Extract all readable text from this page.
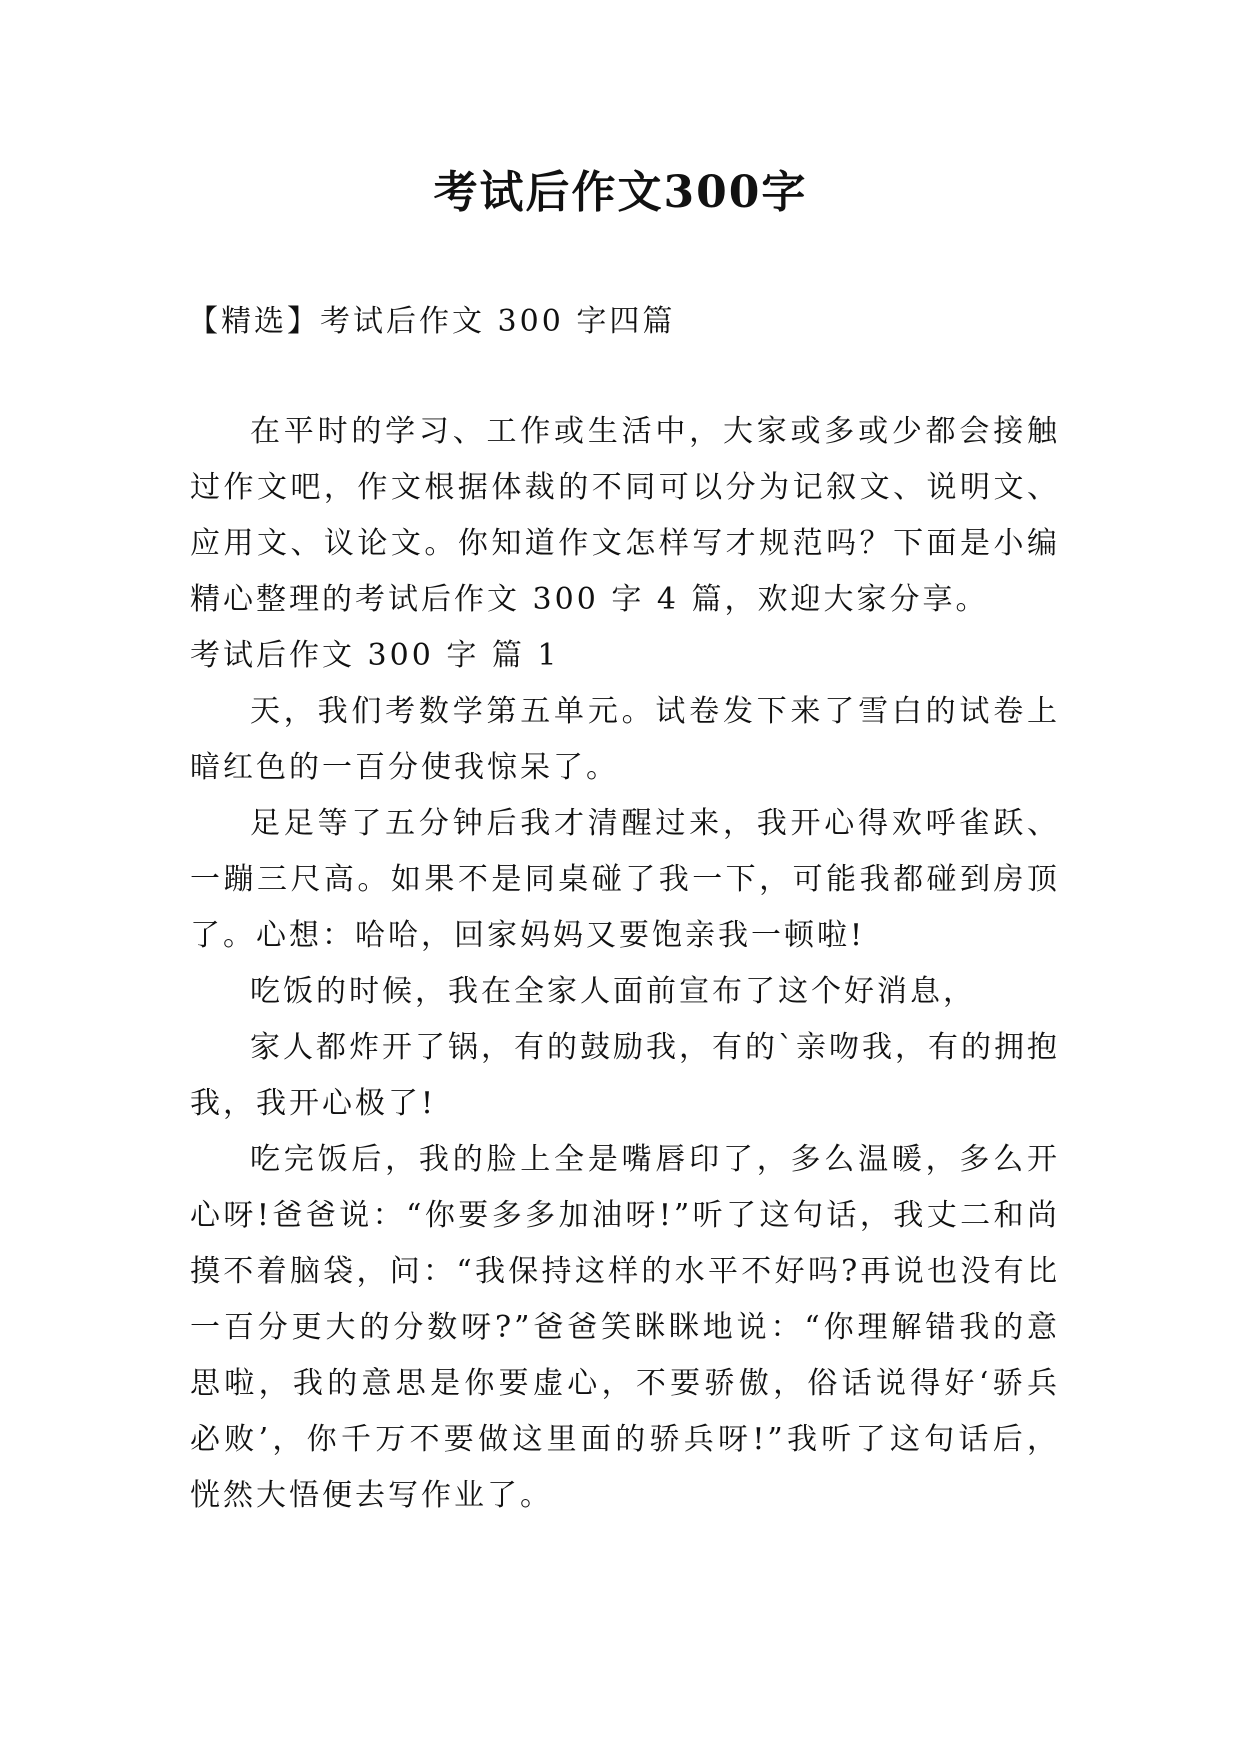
考试后作文300字
【精选】考试后作文 300 字四篇

在平时的学习、工作或生活中，大家或多或少都会接触过作文吧，作文根据体裁的不同可以分为记叙文、说明文、应用文、议论文。你知道作文怎样写才规范吗？下面是小编精心整理的考试后作文 300 字 4 篇，欢迎大家分享。

考试后作文 300 字 篇 1

天，我们考数学第五单元。试卷发下来了雪白的试卷上暗红色的一百分使我惊呆了。

足足等了五分钟后我才清醒过来，我开心得欢呼雀跃、一蹦三尺高。如果不是同桌碰了我一下，可能我都碰到房顶了。心想：哈哈，回家妈妈又要饱亲我一顿啦!

吃饭的时候，我在全家人面前宣布了这个好消息，

家人都炸开了锅，有的鼓励我，有的`亲吻我，有的拥抱我，我开心极了!

吃完饭后，我的脸上全是嘴唇印了，多么温暖，多么开心呀!爸爸说：“你要多多加油呀!”听了这句话，我丈二和尚摸不着脑袋，问：“我保持这样的水平不好吗?再说也没有比一百分更大的分数呀?”爸爸笑眯眯地说：“你理解错我的意思啦，我的意思是你要虚心，不要骄傲，俗话说得好‘骄兵必败’，你千万不要做这里面的骄兵呀!”我听了这句话后，恍然大悟便去写作业了。
